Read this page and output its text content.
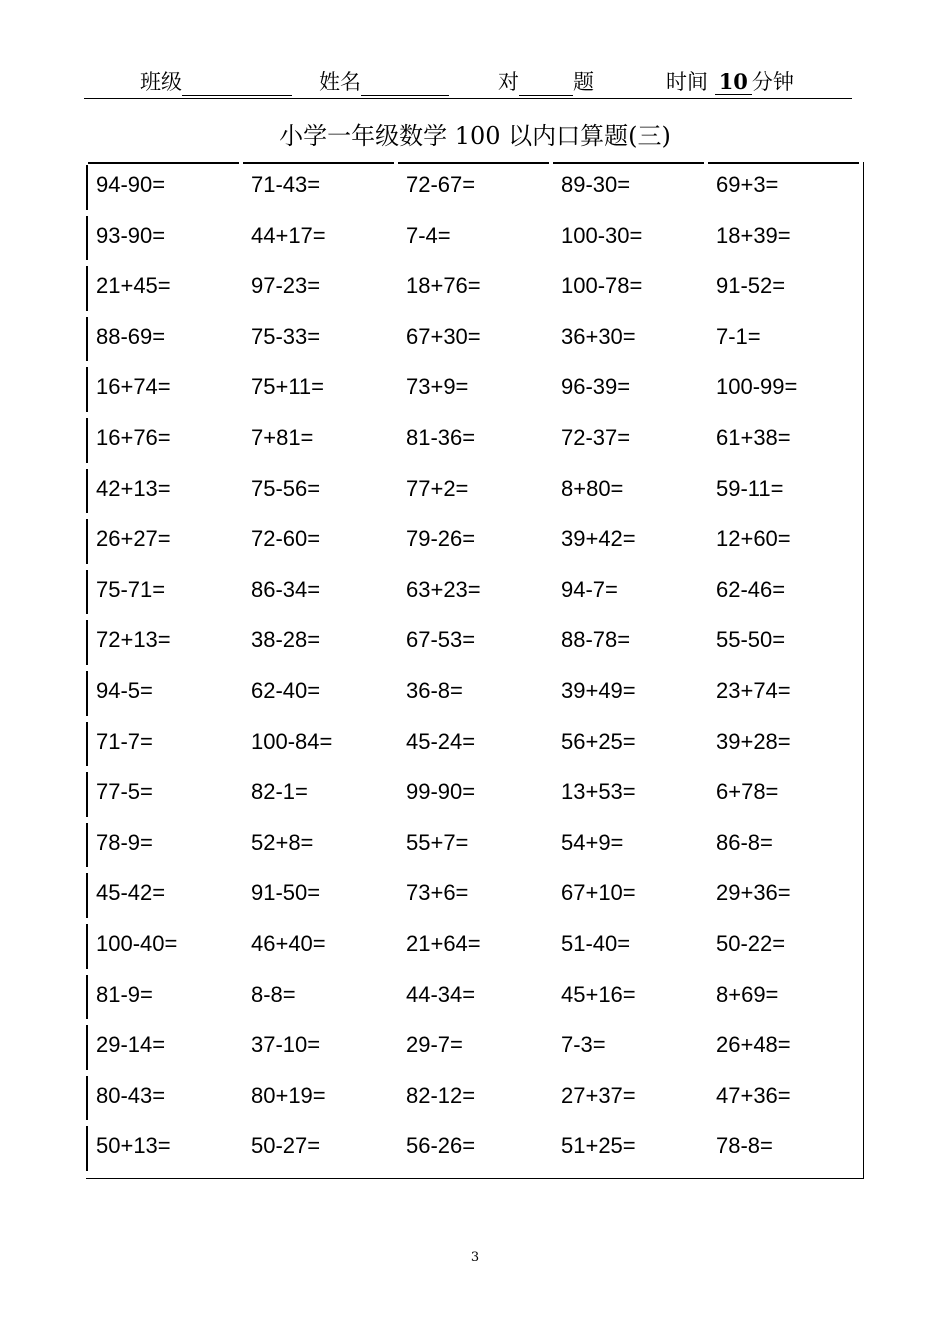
班级	姓名	对	题	时间 10 分钟
小学一年级数学 100 以内口算题(三)
94-90=	71-43=	72-67=	89-30=	69+3=
93-90=	44+17=	7-4=	100-30=	18+39=
21+45=	97-23=	18+76=	100-78=	91-52=
88-69=	75-33=	67+30=	36+30=	7-1=
16+74=	75+11=	73+9=	96-39=	100-99=
16+76=	7+81=	81-36=	72-37=	61+38=
42+13=	75-56=	77+2=	8+80=	59-11=
26+27=	72-60=	79-26=	39+42=	12+60=
75-71=	86-34=	63+23=	94-7=	62-46=
72+13=	38-28=	67-53=	88-78=	55-50=
94-5=	62-40=	36-8=	39+49=	23+74=
71-7=	100-84=	45-24=	56+25=	39+28=
77-5=	82-1=	99-90=	13+53=	6+78=
78-9=	52+8=	55+7=	54+9=	86-8=
45-42=	91-50=	73+6=	67+10=	29+36=
100-40=	46+40=	21+64=	51-40=	50-22=
81-9=	8-8=	44-34=	45+16=	8+69=
29-14=	37-10=	29-7=	7-3=	26+48=
80-43=	80+19=	82-12=	27+37=	47+36=
50+13=	50-27=	56-26=	51+25=	78-8=
3
